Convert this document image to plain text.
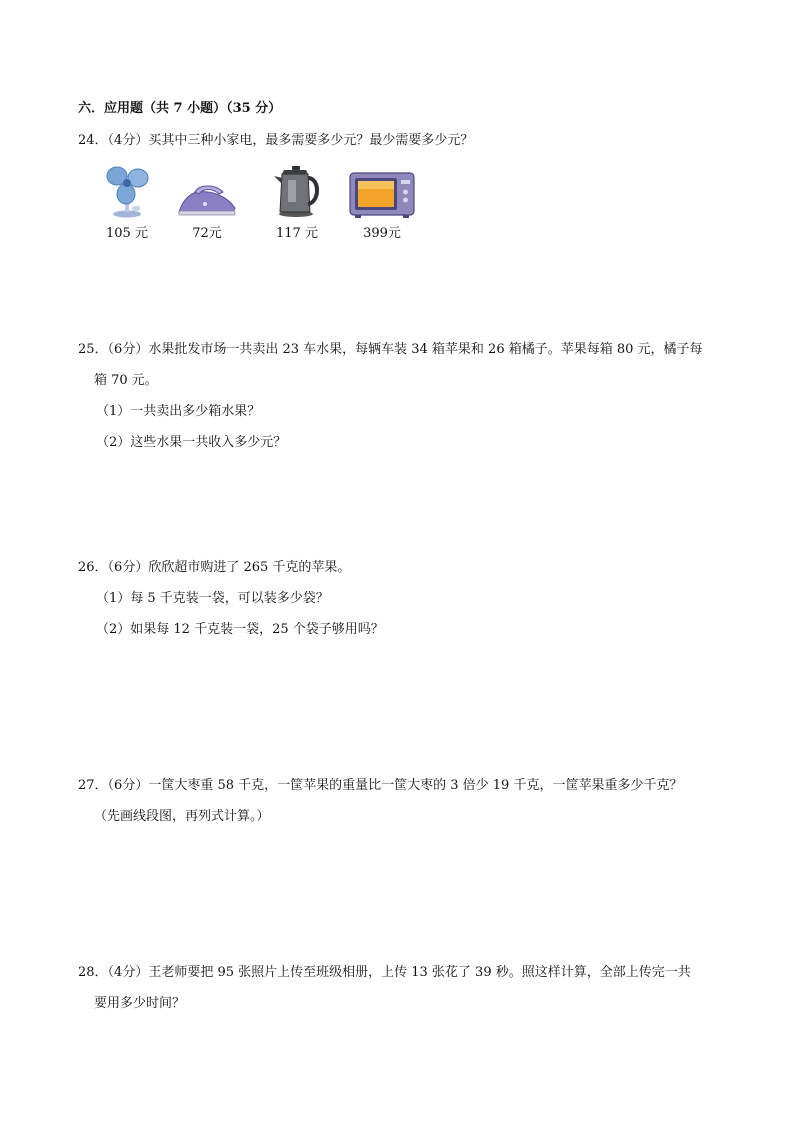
六．应用题（共 7 小题）（35 分）
24．（4分）买其中三种小家电，最多需要多少元？最少需要多少元？
105 元	72元	117 元	399元
25．（6分）水果批发市场一共卖出 23 车水果，每辆车装 34 箱苹果和 26 箱橘子。苹果每箱 80 元，橘子每
箱 70 元。
（1）一共卖出多少箱水果？
（2）这些水果一共收入多少元？
26．（6分）欣欣超市购进了 265 千克的苹果。
（1）每 5 千克装一袋，可以装多少袋？
（2）如果每 12 千克装一袋，25 个袋子够用吗？
27．（6分）一筐大枣重 58 千克，一筐苹果的重量比一筐大枣的 3 倍少 19 千克，一筐苹果重多少千克？
（先画线段图，再列式计算。）
28．（4分）王老师要把 95 张照片上传至班级相册，上传 13 张花了 39 秒。照这样计算，全部上传完一共
要用多少时间？
